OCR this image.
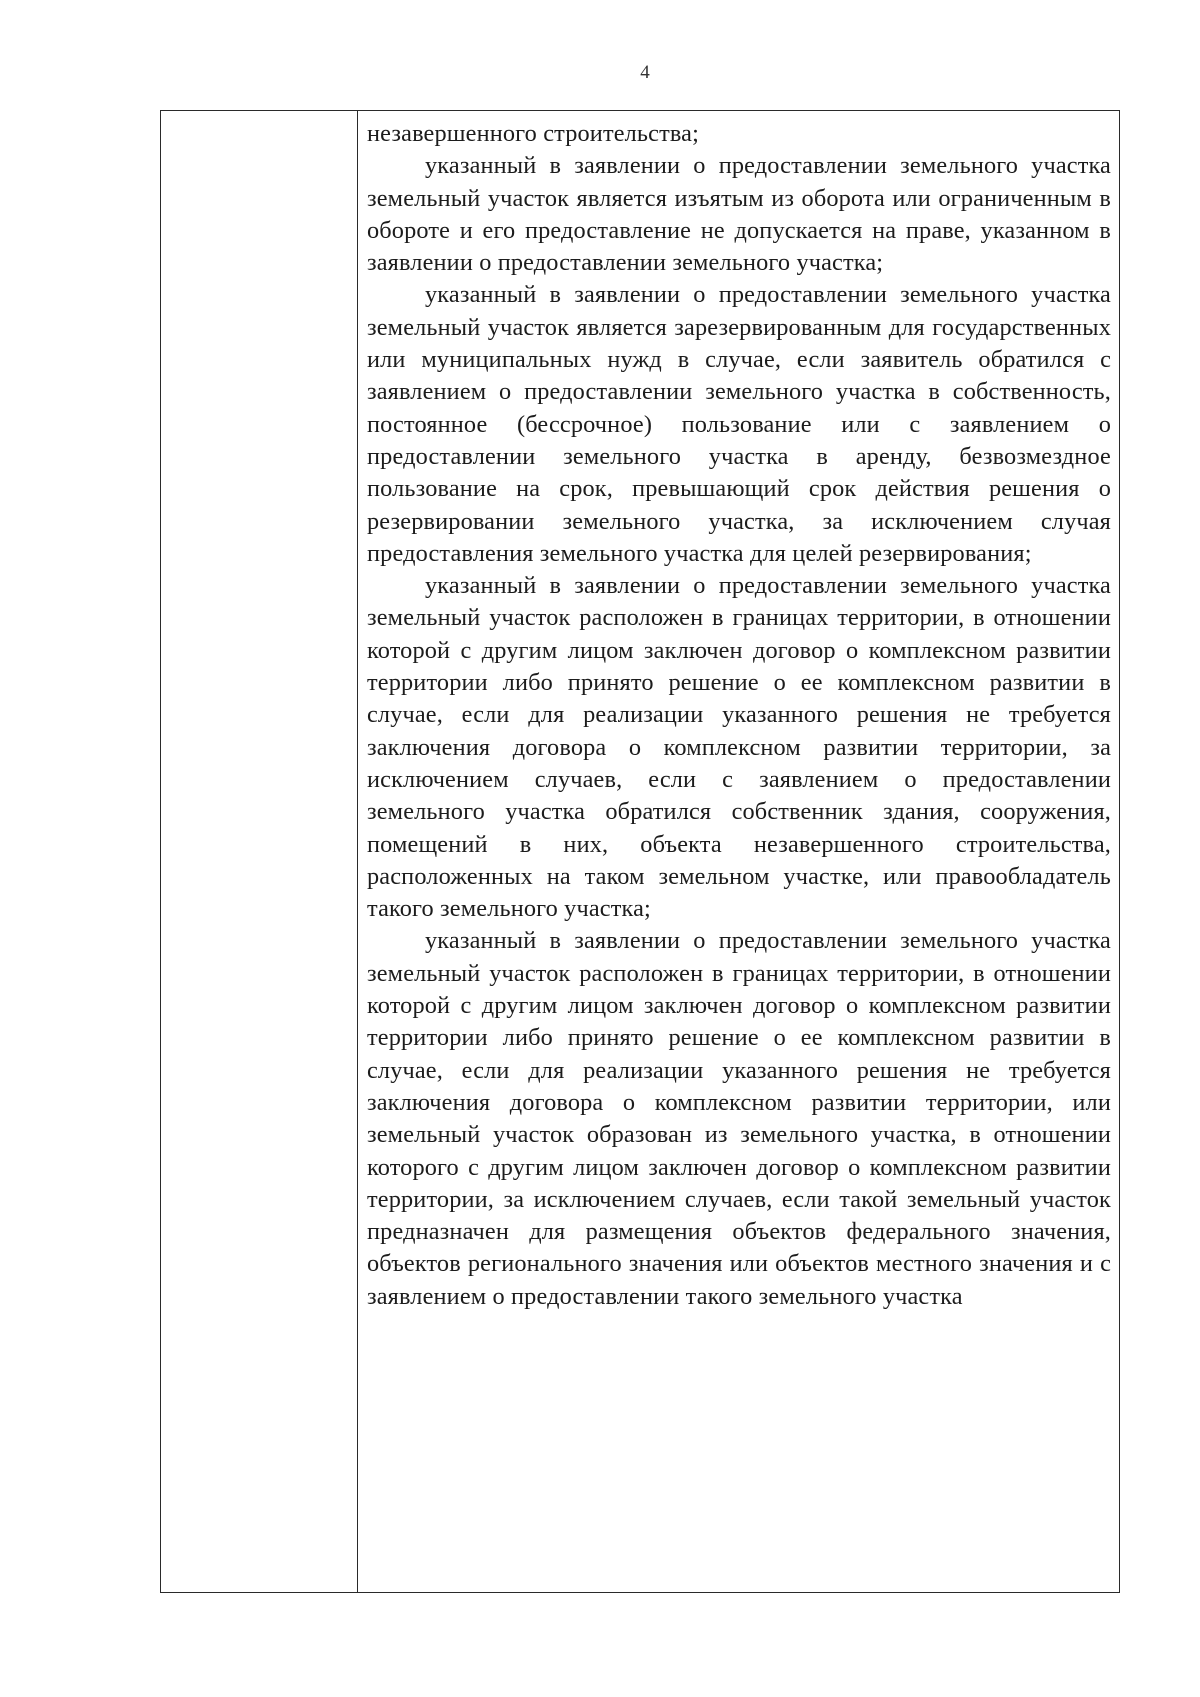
4

незавершенного строительства;

указанный в заявлении о предоставлении земельного участка земельный участок является изъятым из оборота или ограниченным в обороте и его предоставление не допускается на праве, указанном в заявлении о предоставлении земельного участка;

указанный в заявлении о предоставлении земельного участка земельный участок является зарезервированным для государственных или муниципальных нужд в случае, если заявитель обратился с заявлением о предоставлении земельного участка в собственность, постоянное (бессрочное) пользование или с заявлением о предоставлении земельного участка в аренду, безвозмездное пользование на срок, превышающий срок действия решения о резервировании земельного участка, за исключением случая предоставления земельного участка для целей резервирования;

указанный в заявлении о предоставлении земельного участка земельный участок расположен в границах территории, в отношении которой с другим лицом заключен договор о комплексном развитии территории либо принято решение о ее комплексном развитии в случае, если для реализации указанного решения не требуется заключения договора о комплексном развитии территории, за исключением случаев, если с заявлением о предоставлении земельного участка обратился собственник здания, сооружения, помещений в них, объекта незавершенного строительства, расположенных на таком земельном участке, или правообладатель такого земельного участка;

указанный в заявлении о предоставлении земельного участка земельный участок расположен в границах территории, в отношении которой с другим лицом заключен договор о комплексном развитии территории либо принято решение о ее комплексном развитии в случае, если для реализации указанного решения не требуется заключения договора о комплексном развитии территории, или земельный участок образован из земельного участка, в отношении которого с другим лицом заключен договор о комплексном развитии территории, за исключением случаев, если такой земельный участок предназначен для размещения объектов федерального значения, объектов регионального значения или объектов местного значения и с заявлением о предоставлении такого земельного участка
